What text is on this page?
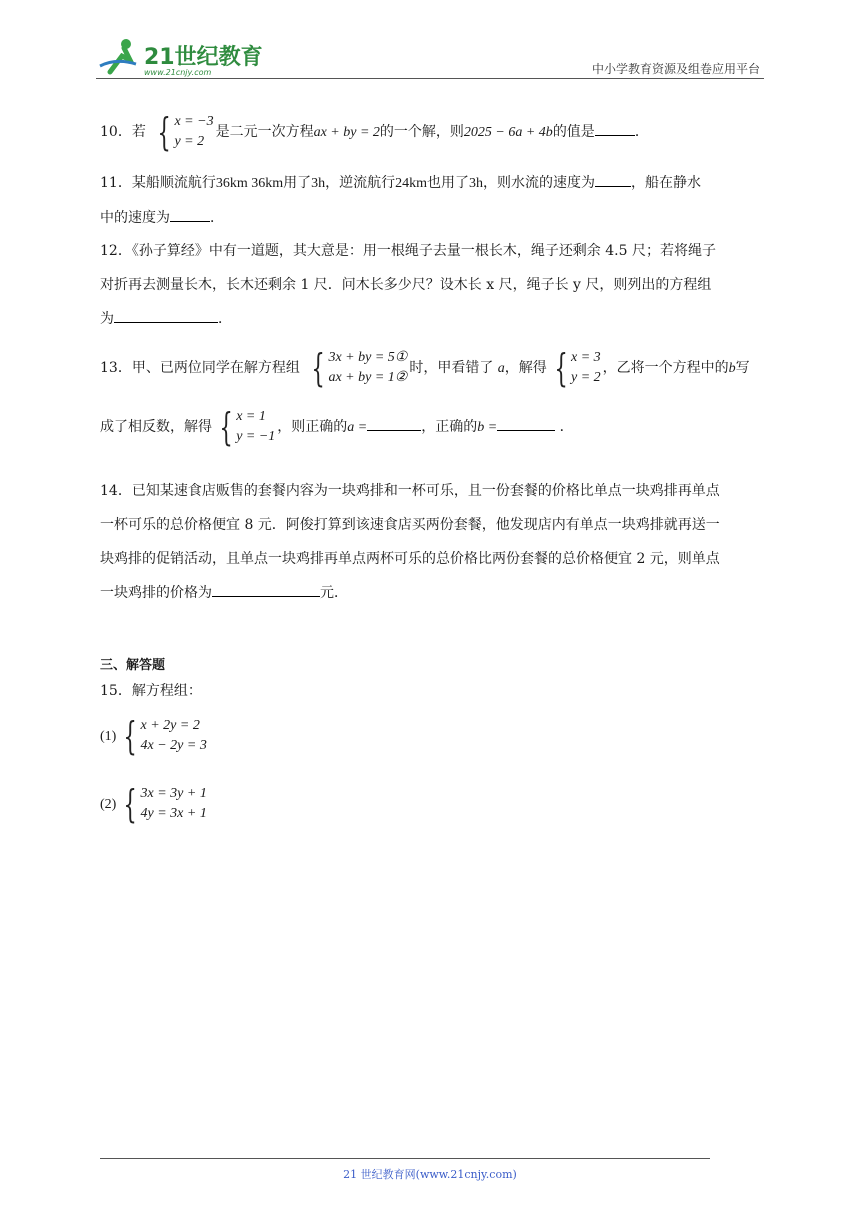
21世纪教育
www.21cnjy.com	中小学教育资源及组卷应用平台
10．若 { x = −3
y = 2
是二元一次方程ax + by = 2的一个解，则2025 − 6a + 4b的值是	．
11．某船顺流航行36km 36km用了3h，逆流航行24km也用了3h，则水流的速度为	，船在静水
中的速度为	．
12．《孙子算经》中有一道题，其大意是：用一根绳子去量一根长木，绳子还剩余 4.5 尺；若将绳子
对折再去测量长木，长木还剩余 1 尺．问木长多少尺？设木长 x 尺，绳子长 y 尺，则列出的方程组
为	．
13．甲、已两位同学在解方程组 { 3x + by = 5①
ax + by = 1②
时，甲看错了 a，解得 { x = 3
y = 2
，乙将一个方程中的b写
成了相反数，解得 { x = 1
y = −1
，则正确的a =	，正确的b =	．
14．已知某速食店贩售的套餐内容为一块鸡排和一杯可乐，且一份套餐的价格比单点一块鸡排再单点
一杯可乐的总价格便宜 8 元．阿俊打算到该速食店买两份套餐，他发现店内有单点一块鸡排就再送一
块鸡排的促销活动，且单点一块鸡排再单点两杯可乐的总价格比两份套餐的总价格便宜 2 元，则单点
一块鸡排的价格为	元．
三、解答题
15．解方程组：
(1) { x + 2y = 2
4x − 2y = 3
(2) { 3x = 3y + 1
4y = 3x + 1
21 世纪教育网(www.21cnjy.com)
